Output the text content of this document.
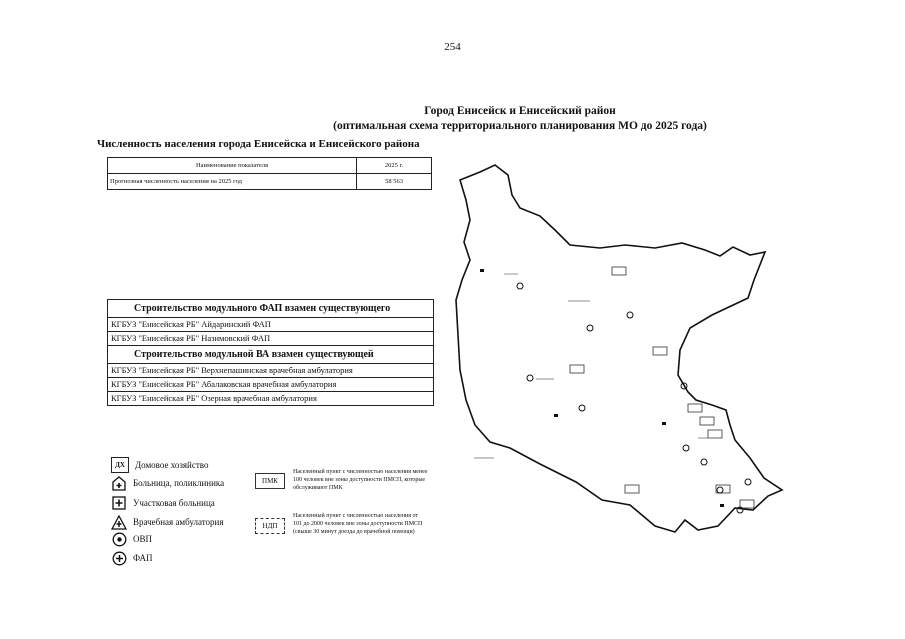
254
Город Енисейск и Енисейский район
(оптимальная схема территориального планирования МО до 2025 года)
Численность населения города Енисейска и Енисейского района
Наименование показателя	2025 г.
Прогнозная численность населения на 2025 год	58 563
Строительство модульного ФАП взамен существующего
КГБУЗ "Енисейская РБ" Айдаринский ФАП
КГБУЗ "Енисейская РБ" Назимовский ФАП
Строительство модульной ВА взамен существующей
КГБУЗ "Енисейская РБ" Верхнепашинская врачебная амбулатория
КГБУЗ "Енисейская РБ" Абалаковская врачебная амбулатория
КГБУЗ "Енисейская РБ" Озерная врачебная амбулатория
ДХ	Домовое хозяйство
Больница, поликлиника
Участковая больница
Врачебная амбулатория
ОВП
ФАП
ПМК
Населенный пункт с численностью населения менее 100 человек вне зоны доступности ПМСП, которые обслуживают ПМК
НДП
Населенный пункт с численностью населения от 101 до 2000 человек вне зоны доступности ПМСП (свыше 30 минут доезда до врачебной помощи)
